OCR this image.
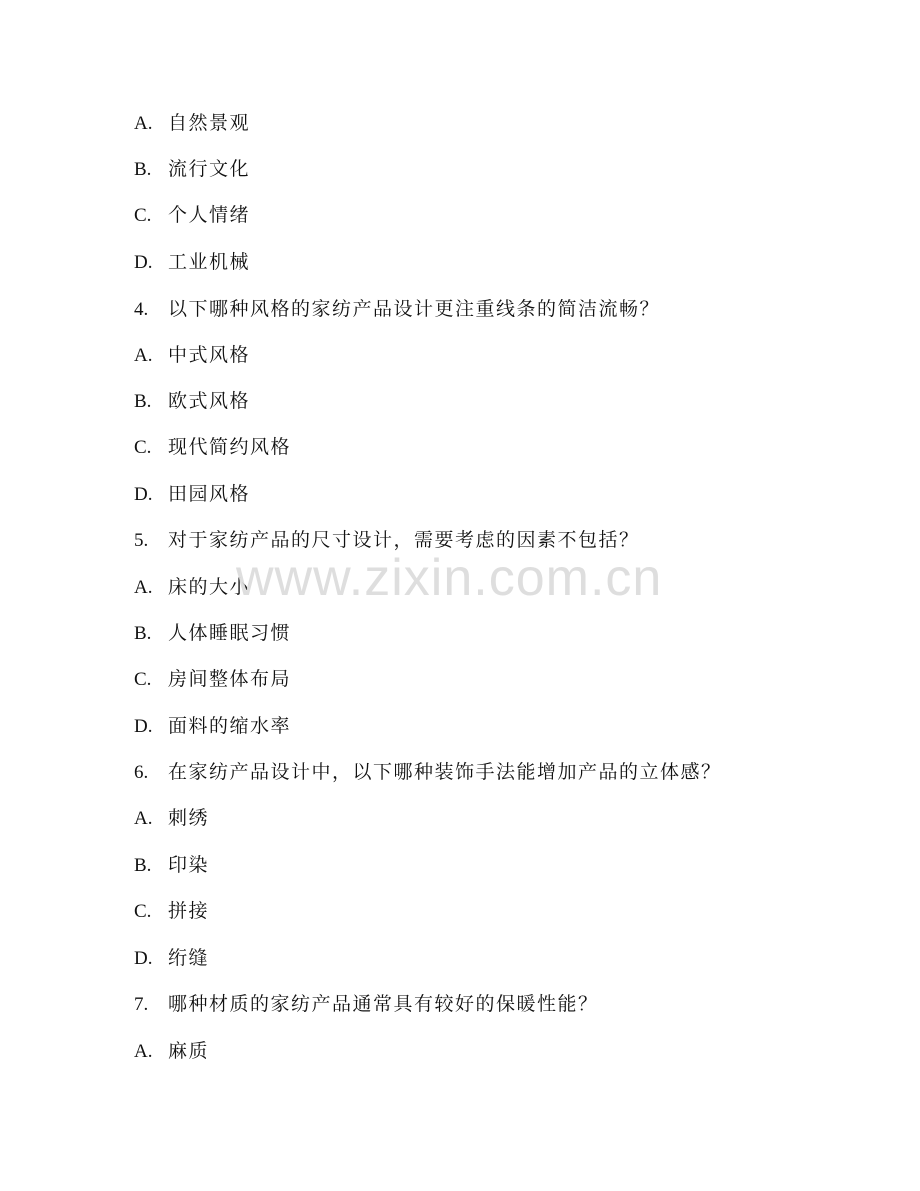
A. 自然景观
B. 流行文化
C. 个人情绪
D. 工业机械
4. 以下哪种风格的家纺产品设计更注重线条的简洁流畅？
A. 中式风格
B. 欧式风格
C. 现代简约风格
D. 田园风格
5. 对于家纺产品的尺寸设计，需要考虑的因素不包括？
A. 床的大小
B. 人体睡眠习惯
C. 房间整体布局
D. 面料的缩水率
6. 在家纺产品设计中，以下哪种装饰手法能增加产品的立体感？
A. 刺绣
B. 印染
C. 拼接
D. 绗缝
7. 哪种材质的家纺产品通常具有较好的保暖性能？
A. 麻质
www.zixin.com.cn
